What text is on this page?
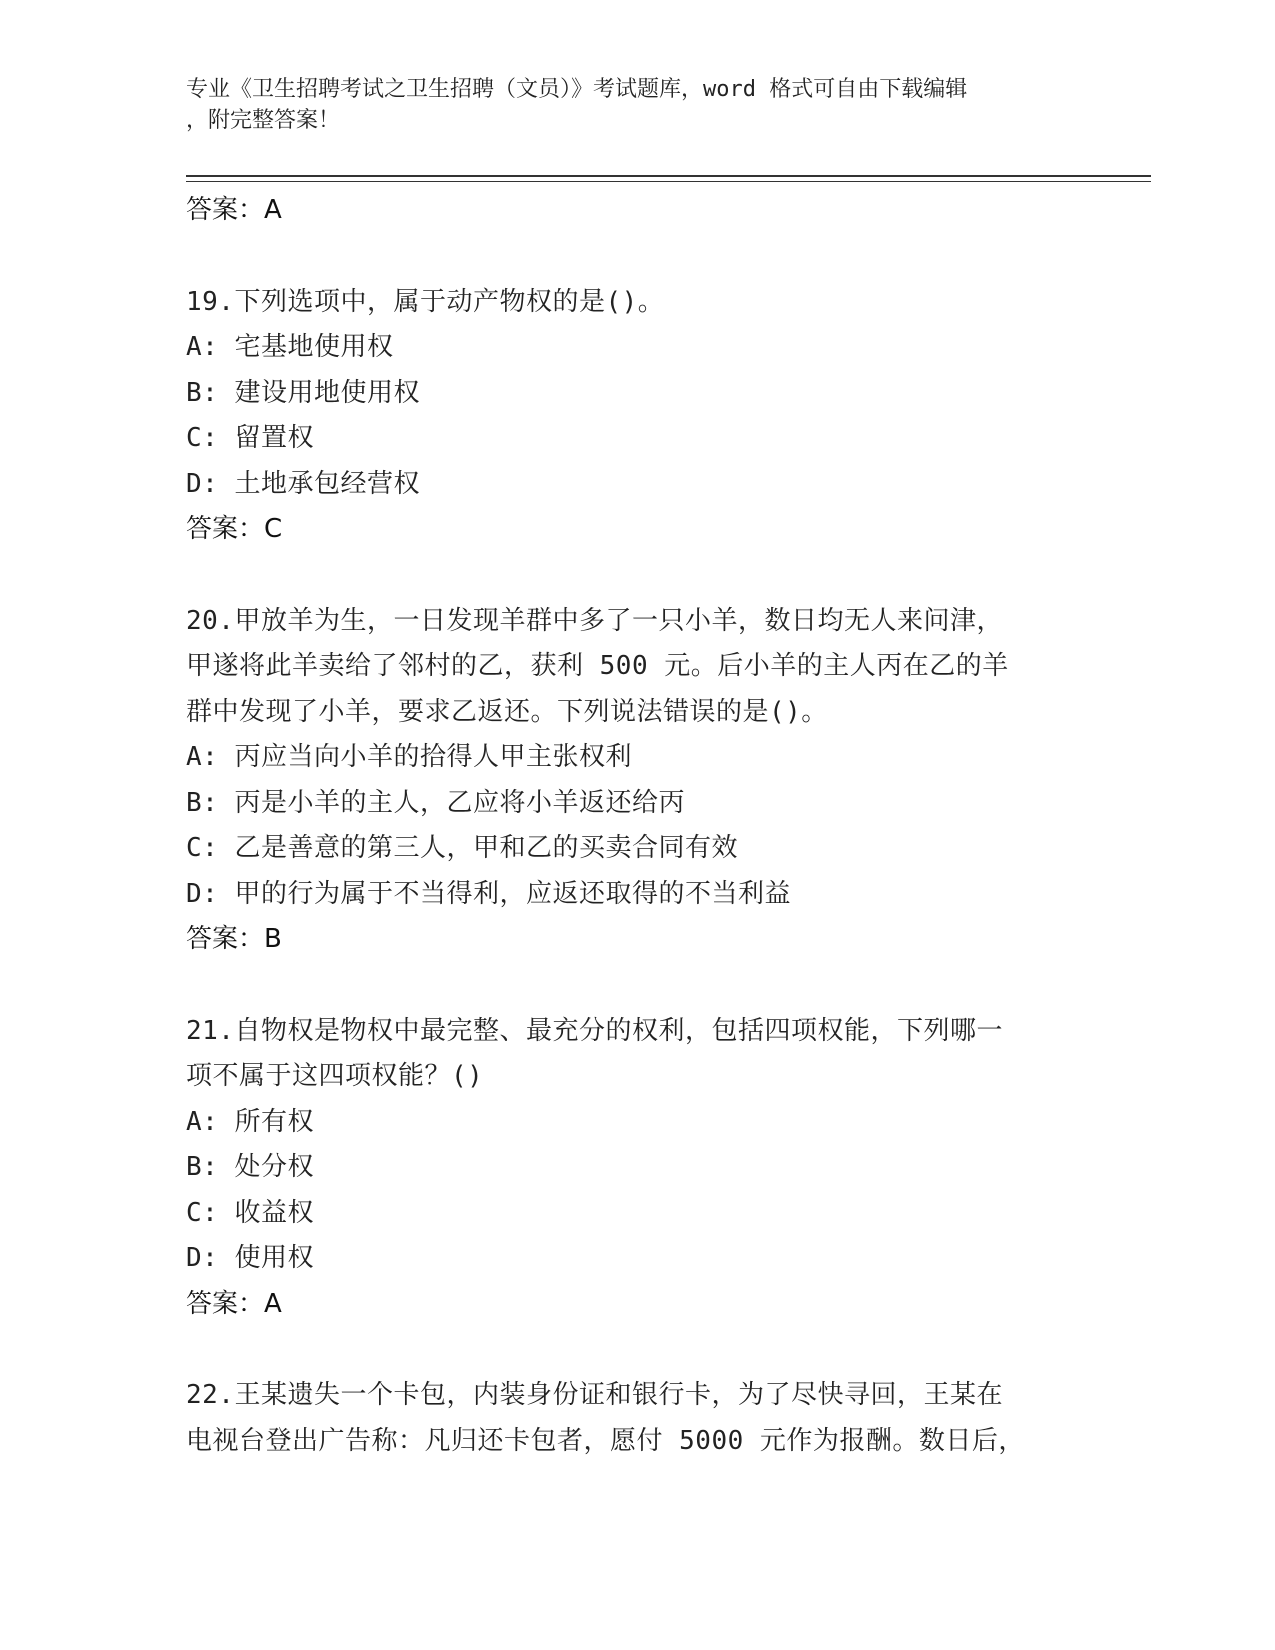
专业《卫生招聘考试之卫生招聘（文员）》考试题库，word 格式可自由下载编辑
，附完整答案！
答案：A
19.下列选项中，属于动产物权的是()。
A: 宅基地使用权
B: 建设用地使用权
C: 留置权
D: 土地承包经营权
答案：C
20.甲放羊为生，一日发现羊群中多了一只小羊，数日均无人来问津，
甲遂将此羊卖给了邻村的乙，获利 500 元。后小羊的主人丙在乙的羊
群中发现了小羊，要求乙返还。下列说法错误的是()。
A: 丙应当向小羊的拾得人甲主张权利
B: 丙是小羊的主人，乙应将小羊返还给丙
C: 乙是善意的第三人，甲和乙的买卖合同有效
D: 甲的行为属于不当得利，应返还取得的不当利益
答案：B
21.自物权是物权中最完整、最充分的权利，包括四项权能，下列哪一
项不属于这四项权能？()
A: 所有权
B: 处分权
C: 收益权
D: 使用权
答案：A
22.王某遗失一个卡包，内装身份证和银行卡，为了尽快寻回，王某在
电视台登出广告称：凡归还卡包者，愿付 5000 元作为报酬。数日后，
